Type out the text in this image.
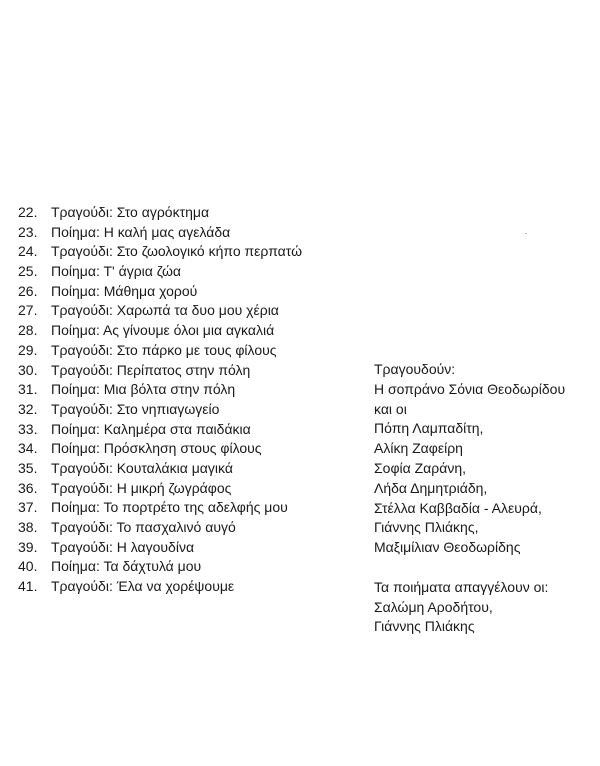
22. Τραγούδι: Στο αγρόκτημα
23. Ποίημα: Η καλή μας αγελάδα
24. Τραγούδι: Στο ζωολογικό κήπο περπατώ
25. Ποίημα: Τ' άγρια ζώα
26. Ποίημα: Μάθημα χορού
27. Τραγούδι: Χαρωπά τα δυο μου χέρια
28. Ποίημα: Ας γίνουμε όλοι μια αγκαλιά
29. Τραγούδι: Στο πάρκο με τους φίλους
30. Τραγούδι: Περίπατος στην πόλη
31. Ποίημα: Μια βόλτα στην πόλη
32. Τραγούδι: Στο νηπιαγωγείο
33. Ποίημα: Καλημέρα στα παιδάκια
34. Ποίημα: Πρόσκληση στους φίλους
35. Τραγούδι: Κουταλάκια μαγικά
36. Τραγούδι: Η μικρή ζωγράφος
37. Ποίημα: Το πορτρέτο της αδελφής μου
38. Τραγούδι: Το πασχαλινό αυγό
39. Τραγούδι: Η λαγουδίνα
40. Ποίημα: Τα δάχτυλά μου
41. Τραγούδι: Έλα να χορέψουμε
Τραγουδούν:
Η σοπράνο Σόνια Θεοδωρίδου
και οι
Πόπη Λαμπαδίτη,
Αλίκη Ζαφείρη
Σοφία Ζαράνη,
Λήδα Δημητριάδη,
Στέλλα Καββαδία - Αλευρά,
Γιάννης Πλιάκης,
Μαξιμίλιαν Θεοδωρίδης
Τα ποιήματα απαγγέλουν οι:
Σαλώμη Αροδήτου,
Γιάννης Πλιάκης
